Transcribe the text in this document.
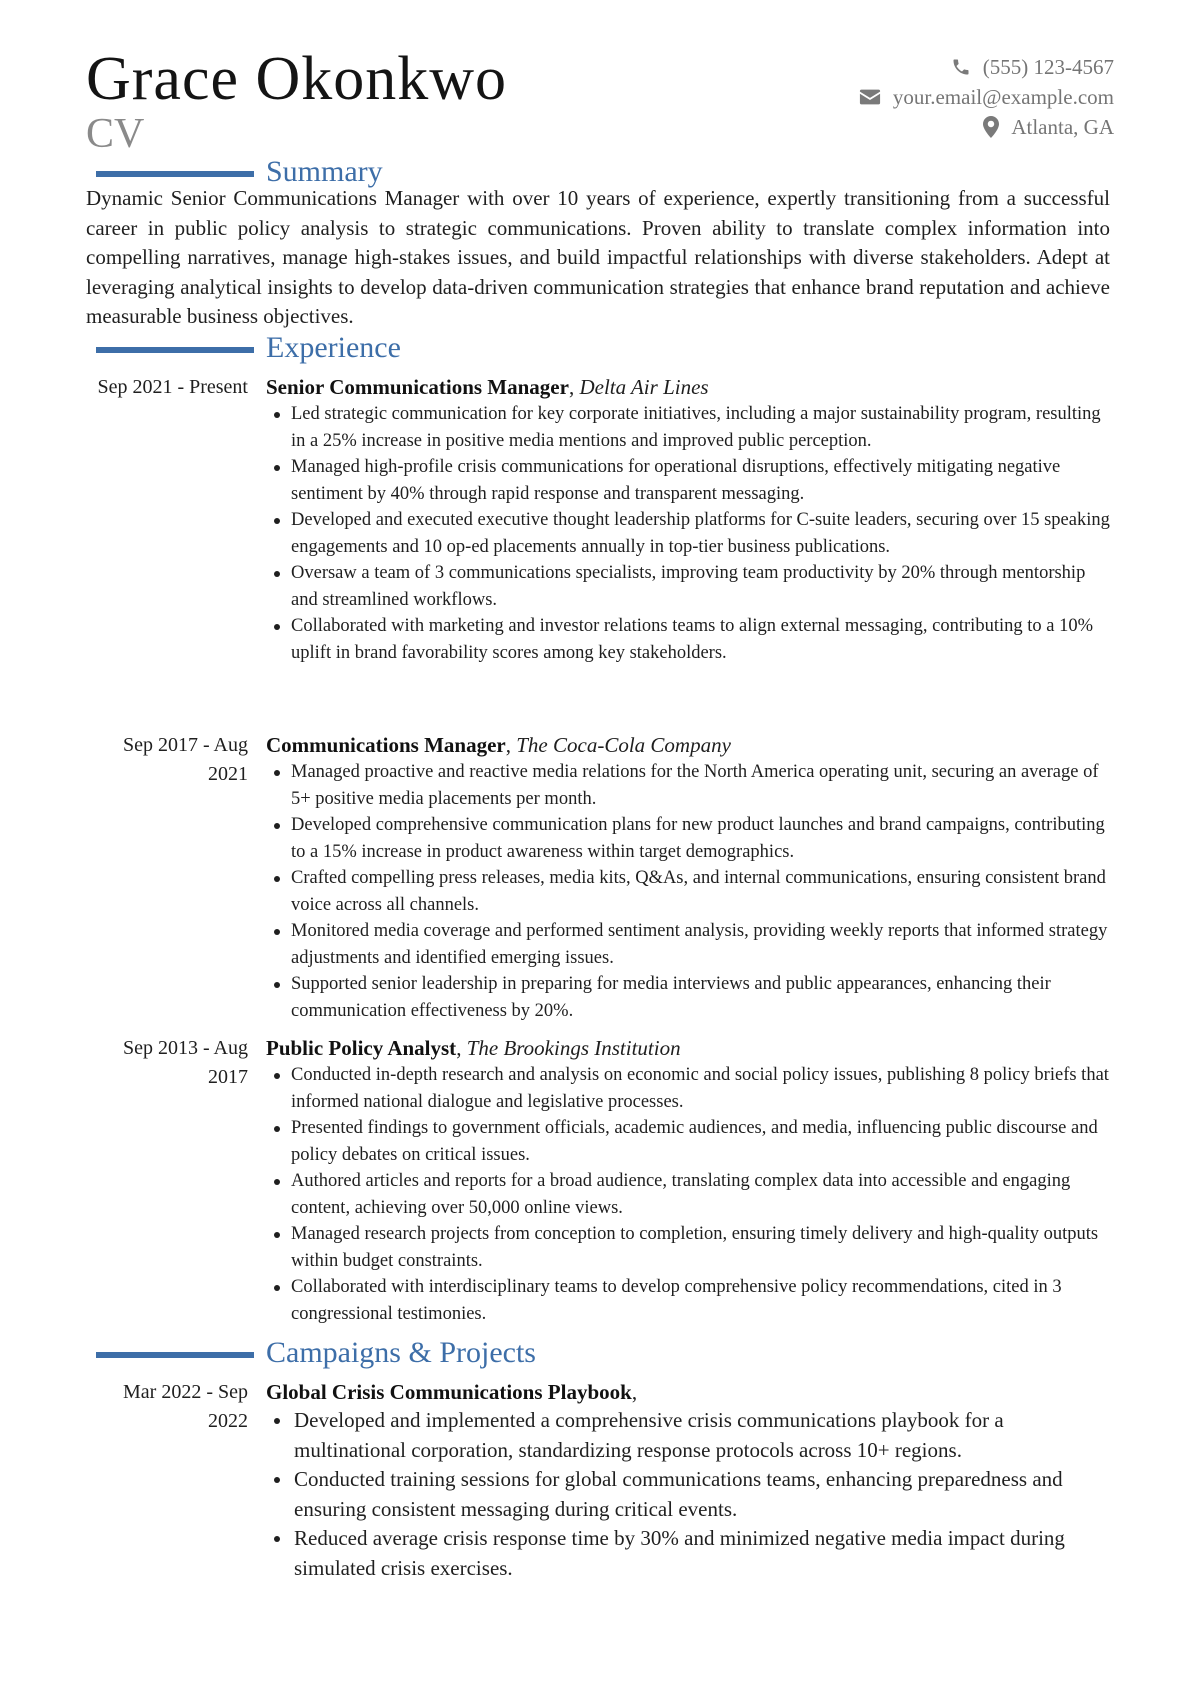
Grace Okonkwo
CV
(555) 123-4567
your.email@example.com
Atlanta, GA
Summary

Dynamic Senior Communications Manager with over 10 years of experience, expertly transitioning from a successful career in public policy analysis to strategic communications. Proven ability to translate complex information into compelling narratives, manage high-stakes issues, and build impactful relationships with diverse stakeholders. Adept at leveraging analytical insights to develop data-driven communication strategies that enhance brand reputation and achieve measurable business objectives.

Experience
Sep 2021 - Present Senior Communications Manager, Delta Air Lines
Led strategic communication for key corporate initiatives, including a major sustainability program, resulting in a 25% increase in positive media mentions and improved public perception.
Managed high-profile crisis communications for operational disruptions, effectively mitigating negative sentiment by 40% through rapid response and transparent messaging.
Developed and executed executive thought leadership platforms for C-suite leaders, securing over 15 speaking engagements and 10 op-ed placements annually in top-tier business publications.
Oversaw a team of 3 communications specialists, improving team productivity by 20% through mentorship and streamlined workflows.
Collaborated with marketing and investor relations teams to align external messaging, contributing to a 10% uplift in brand favorability scores among key stakeholders.
Sep 2017 - Aug 2021
Communications Manager, The Coca-Cola Company
Managed proactive and reactive media relations for the North America operating unit, securing an average of 5+ positive media placements per month.
Developed comprehensive communication plans for new product launches and brand campaigns, contributing to a 15% increase in product awareness within target demographics.
Crafted compelling press releases, media kits, Q&As, and internal communications, ensuring consistent brand voice across all channels.
Monitored media coverage and performed sentiment analysis, providing weekly reports that informed strategy adjustments and identified emerging issues.
Supported senior leadership in preparing for media interviews and public appearances, enhancing their communication effectiveness by 20%.
Sep 2013 - Aug 2017
Public Policy Analyst, The Brookings Institution
Conducted in-depth research and analysis on economic and social policy issues, publishing 8 policy briefs that informed national dialogue and legislative processes.
Presented findings to government officials, academic audiences, and media, influencing public discourse and policy debates on critical issues.
Authored articles and reports for a broad audience, translating complex data into accessible and engaging content, achieving over 50,000 online views.
Managed research projects from conception to completion, ensuring timely delivery and high-quality outputs within budget constraints.
Collaborated with interdisciplinary teams to develop comprehensive policy recommendations, cited in 3 congressional testimonies.
Campaigns & Projects
Mar 2022 - Sep 2022
Global Crisis Communications Playbook,
Developed and implemented a comprehensive crisis communications playbook for a multinational corporation, standardizing response protocols across 10+ regions.
Conducted training sessions for global communications teams, enhancing preparedness and ensuring consistent messaging during critical events.
Reduced average crisis response time by 30% and minimized negative media impact during simulated crisis exercises.
